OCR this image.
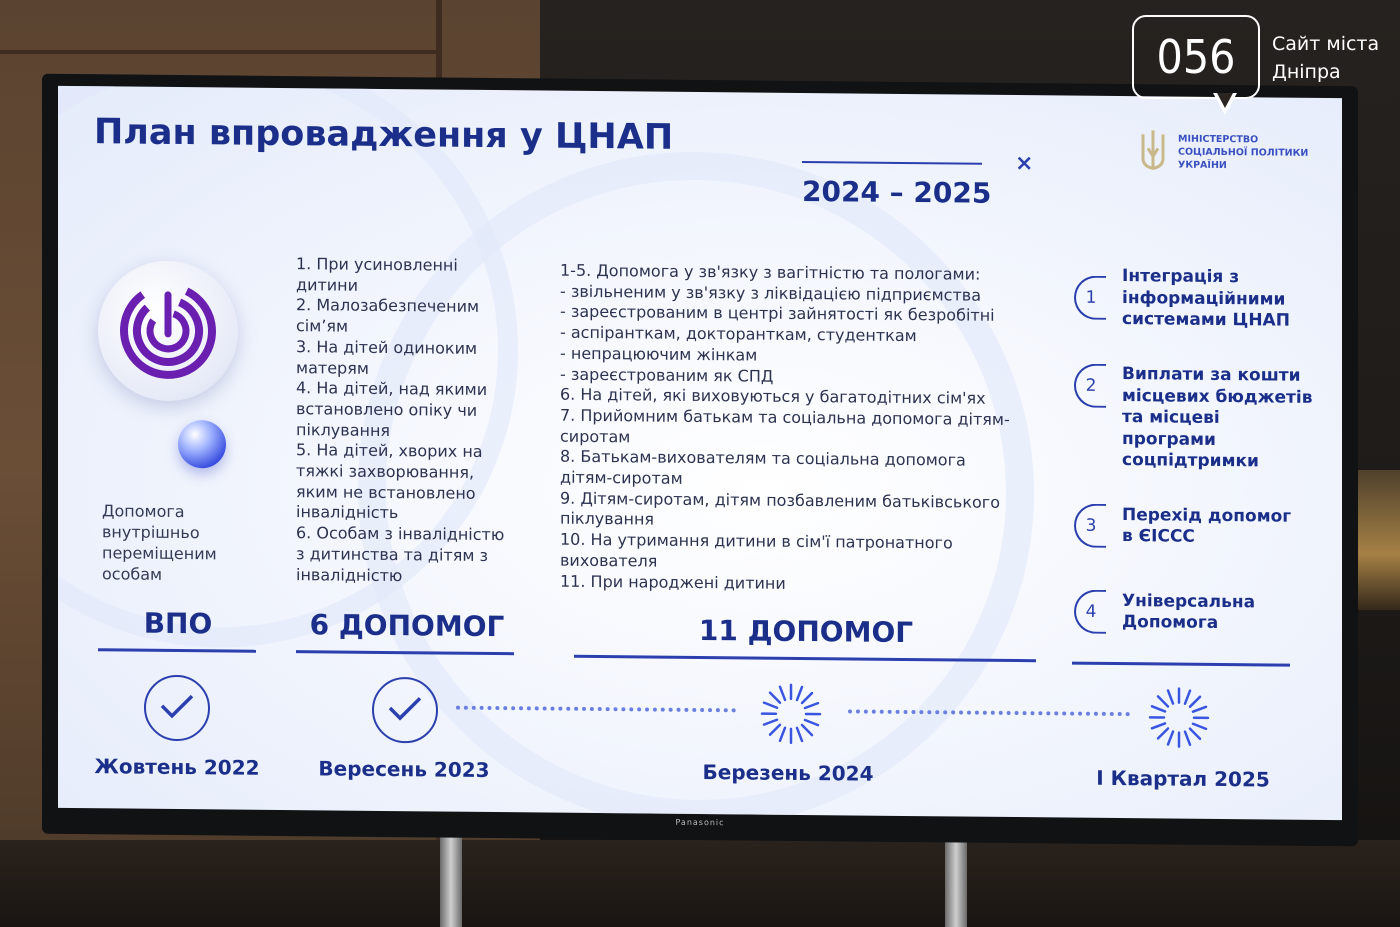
План впровадження у ЦНАП
2024 – 2025
×
МІНІСТЕРСТВО
СОЦІАЛЬНОЇ ПОЛІТИКИ
УКРАЇНИ
Допомога
внутрішньо
переміщеним
особам
1. При усиновленні
дитини
2. Малозабезпеченим
сім’ям
3. На дітей одиноким
матерям
4. На дітей, над якими
встановлено опіку чи
піклування
5. На дітей, хворих на
тяжкі захворювання,
яким не встановлено
інвалідність
6. Особам з інвалідністю
з дитинства та дітям з
інвалідністю
1-5. Допомога у зв'язку з вагітністю та пологами:
- звільненим у зв'язку з ліквідацією підприємства
- зареєстрованим в центрі зайнятості як безробітні
- аспіранткам, докторанткам, студенткам
- непрацюючим жінкам
- зареєстрованим як СПД
6. На дітей, які виховуються у багатодітних сім'ях
7. Прийомним батькам та соціальна допомога дітям-
сиротам
8. Батькам-вихователям та соціальна допомога
дітям-сиротам
9. Дітям-сиротам, дітям позбавленим батьківського
піклування
10. На утримання дитини в сім'ї патронатного
вихователя
11. При народжені дитини
1
Інтеграція з
інформаційними
системами ЦНАП
2
Виплати за кошти
місцевих бюджетів
та місцеві
програми
соцпідтримки
3
Перехід допомог
в ЄІССС
4	Універсальна
Допомога
ВПО	6 ДОПОМОГ	11 ДОПОМОГ
Жовтень 2022	Вересень 2023	Березень 2024	І Квартал 2025
Panasonic
056	Сайт міста
Дніпра
